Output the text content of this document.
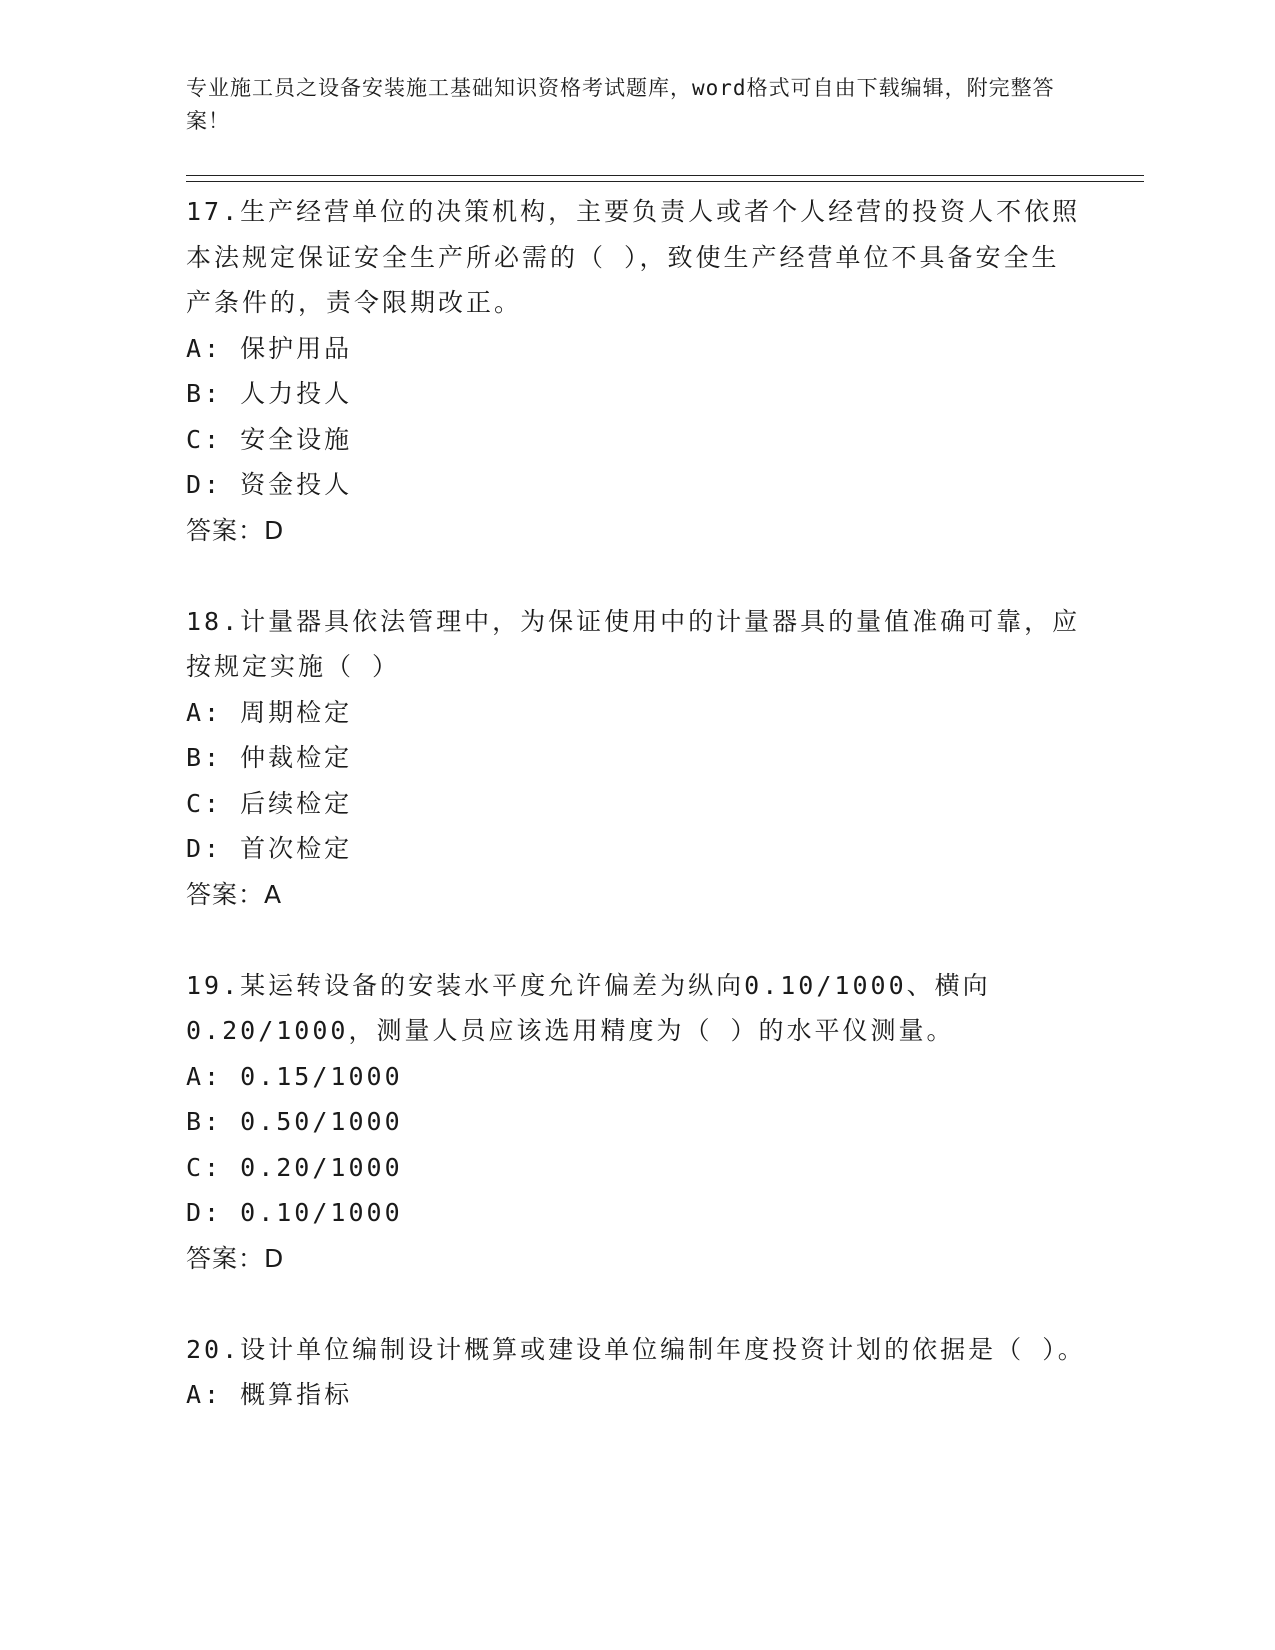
专业施工员之设备安装施工基础知识资格考试题库，word格式可自由下载编辑，附完整答案！

17.生产经营单位的决策机构，主要负责人或者个人经营的投资人不依照本法规定保证安全生产所必需的（ ），致使生产经营单位不具备安全生产条件的，责令限期改正。

A: 保护用品

B: 人力投人

C: 安全设施

D: 资金投人

答案：D

18.计量器具依法管理中，为保证使用中的计量器具的量值准确可靠，应按规定实施（ ）

A: 周期检定

B: 仲裁检定

C: 后续检定

D: 首次检定

答案：A

19.某运转设备的安装水平度允许偏差为纵向0.10/1000、横向0.20/1000，测量人员应该选用精度为（ ）的水平仪测量。

A: 0.15/1000

B: 0.50/1000

C: 0.20/1000

D: 0.10/1000

答案：D

20.设计单位编制设计概算或建设单位编制年度投资计划的依据是（ ）。

A: 概算指标
